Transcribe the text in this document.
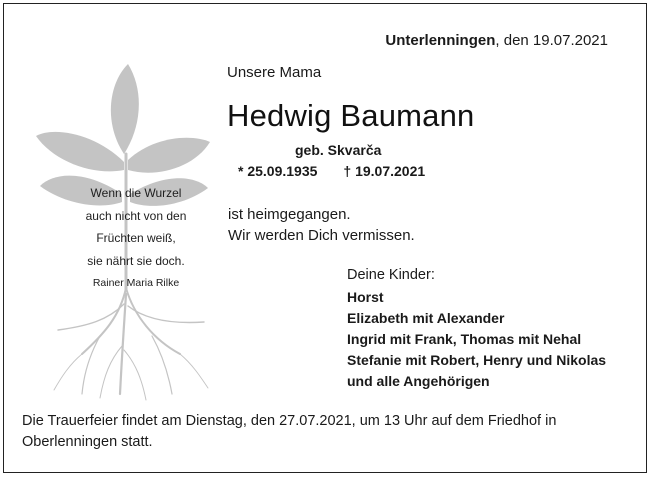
Unterlenningen, den 19.07.2021
Unsere Mama
Hedwig Baumann
geb. Skvarča
* 25.09.1935 † 19.07.2021
ist heimgegangen.
Wir werden Dich vermissen.
Wenn die Wurzel
auch nicht von den
Früchten weiß,
sie nährt sie doch.
Rainer Maria Rilke	Deine Kinder:
Horst
Elizabeth mit Alexander
Ingrid mit Frank, Thomas mit Nehal
Stefanie mit Robert, Henry und Nikolas
und alle Angehörigen
Die Trauerfeier findet am Dienstag, den 27.07.2021, um 13 Uhr auf dem Friedhof in
Oberlenningen statt.
